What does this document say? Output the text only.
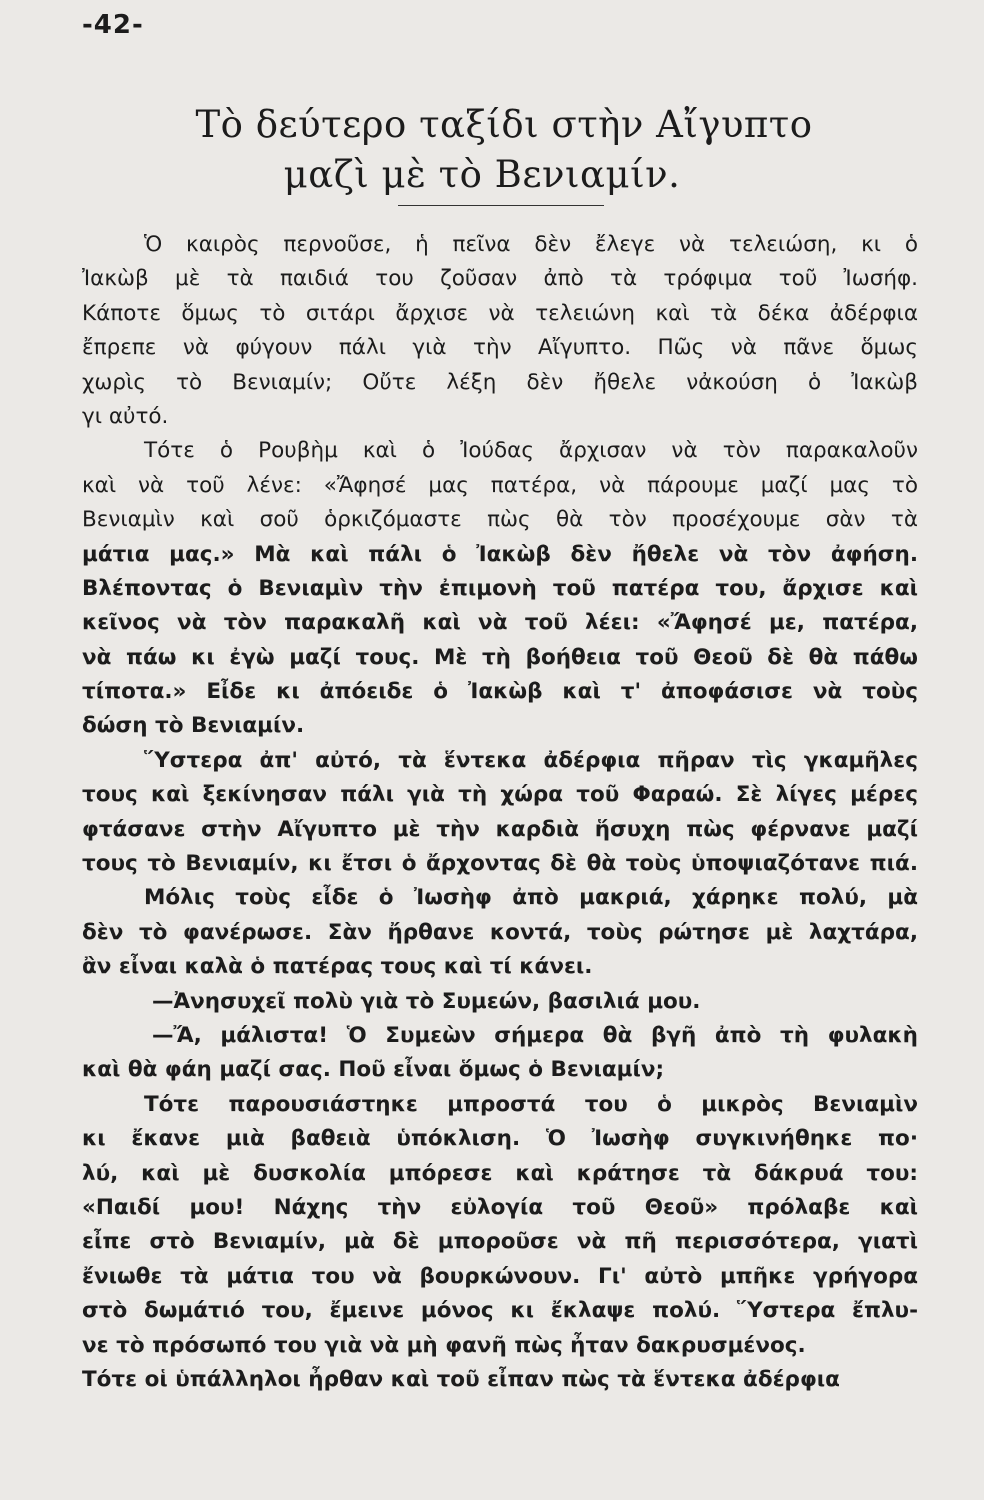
-42-
Τὸ δεύτερο ταξίδι στὴν Αἴγυπτο
μαζὶ μὲ τὸ Βενιαμίν.
Ὁ καιρὸς περνοῦσε, ἡ πεῖνα δὲν ἔλεγε νὰ τελειώση, κι ὁ
Ἰακὼβ μὲ τὰ παιδιά του ζοῦσαν ἀπὸ τὰ τρόφιμα τοῦ Ἰωσήφ.
Κάποτε ὅμως τὸ σιτάρι ἄρχισε νὰ τελειώνη καὶ τὰ δέκα ἀδέρφια
ἔπρεπε νὰ φύγουν πάλι γιὰ τὴν Αἴγυπτο. Πῶς νὰ πᾶνε ὅμως
χωρὶς τὸ Βενιαμίν; Οὔτε λέξη δὲν ἤθελε νἀκούση ὁ Ἰακὼβ
γι αὐτό.
Τότε ὁ Ρουβὴμ καὶ ὁ Ἰούδας ἄρχισαν νὰ τὸν παρακαλοῦν
καὶ νὰ τοῦ λένε: «Ἄφησέ μας πατέρα, νὰ πάρουμε μαζί μας τὸ
Βενιαμὶν καὶ σοῦ ὁρκιζόμαστε πὼς θὰ τὸν προσέχουμε σὰν τὰ
μάτια μας.» Μὰ καὶ πάλι ὁ Ἰακὼβ δὲν ἤθελε νὰ τὸν ἀφήση.
Βλέποντας ὁ Βενιαμὶν τὴν ἐπιμονὴ τοῦ πατέρα του, ἄρχισε καὶ
κεῖνος νὰ τὸν παρακαλῆ καὶ νὰ τοῦ λέει: «Ἄφησέ με, πατέρα,
νὰ πάω κι ἐγὼ μαζί τους. Μὲ τὴ βοήθεια τοῦ Θεοῦ δὲ θὰ πάθω
τίποτα.» Εἶδε κι ἀπόειδε ὁ Ἰακὼβ καὶ τ' ἀποφάσισε νὰ τοὺς
δώση τὸ Βενιαμίν.
Ὕστερα ἀπ' αὐτό, τὰ ἕντεκα ἀδέρφια πῆραν τὶς γκαμῆλες
τους καὶ ξεκίνησαν πάλι γιὰ τὴ χώρα τοῦ Φαραώ. Σὲ λίγες μέρες
φτάσανε στὴν Αἴγυπτο μὲ τὴν καρδιὰ ἥσυχη πὼς φέρνανε μαζί
τους τὸ Βενιαμίν, κι ἔτσι ὁ ἄρχοντας δὲ θὰ τοὺς ὑποψιαζότανε πιά.
Μόλις τοὺς εἶδε ὁ Ἰωσὴφ ἀπὸ μακριά, χάρηκε πολύ, μὰ
δὲν τὸ φανέρωσε. Σὰν ἤρθανε κοντά, τοὺς ρώτησε μὲ λαχτάρα,
ἂν εἶναι καλὰ ὁ πατέρας τους καὶ τί κάνει.
—Ἀνησυχεῖ πολὺ γιὰ τὸ Συμεών, βασιλιά μου.
—Ἄ, μάλιστα! Ὁ Συμεὼν σήμερα θὰ βγῆ ἀπὸ τὴ φυλακὴ
καὶ θὰ φάη μαζί σας. Ποῦ εἶναι ὅμως ὁ Βενιαμίν;
Τότε παρουσιάστηκε μπροστά του ὁ μικρὸς Βενιαμὶν
κι ἔκανε μιὰ βαθειὰ ὑπόκλιση. Ὁ Ἰωσὴφ συγκινήθηκε πο·
λύ, καὶ μὲ δυσκολία μπόρεσε καὶ κράτησε τὰ δάκρυά του:
«Παιδί μου! Νάχης τὴν εὐλογία τοῦ Θεοῦ» πρόλαβε καὶ
εἶπε στὸ Βενιαμίν, μὰ δὲ μποροῦσε νὰ πῆ περισσότερα, γιατὶ
ἔνιωθε τὰ μάτια του νὰ βουρκώνουν. Γι' αὐτὸ μπῆκε γρήγορα
στὸ δωμάτιό του, ἔμεινε μόνος κι ἔκλαψε πολύ. Ὕστερα ἔπλυ-
νε τὸ πρόσωπό του γιὰ νὰ μὴ φανῆ πὼς ἦταν δακρυσμένος.
Τότε οἱ ὑπάλληλοι ἦρθαν καὶ τοῦ εἶπαν πὼς τὰ ἕντεκα ἀδέρφια
